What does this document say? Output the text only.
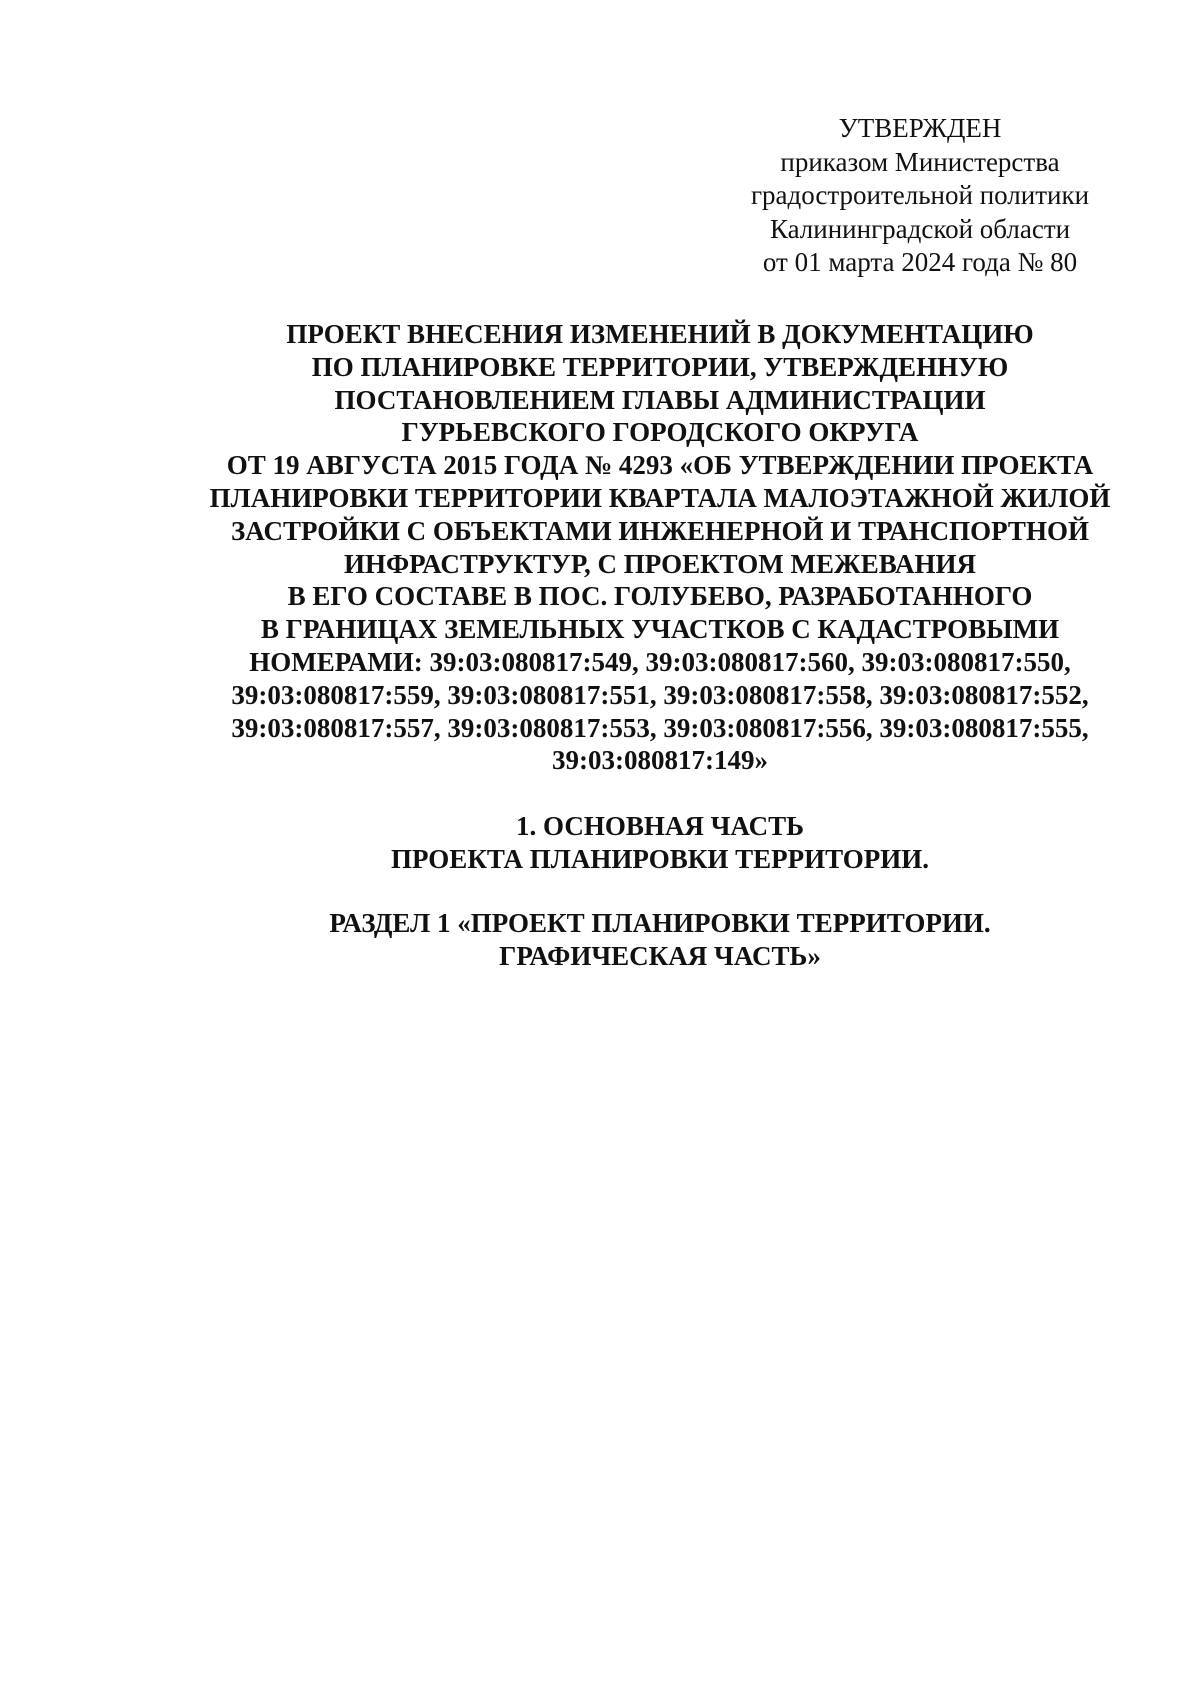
УТВЕРЖДЕН
приказом Министерства
градостроительной политики
Калининградской области
от 01 марта 2024 года № 80
ПРОЕКТ ВНЕСЕНИЯ ИЗМЕНЕНИЙ В ДОКУМЕНТАЦИЮ
ПО ПЛАНИРОВКЕ ТЕРРИТОРИИ, УТВЕРЖДЕННУЮ
ПОСТАНОВЛЕНИЕМ ГЛАВЫ АДМИНИСТРАЦИИ
ГУРЬЕВСКОГО ГОРОДСКОГО ОКРУГА
ОТ 19 АВГУСТА 2015 ГОДА № 4293 «ОБ УТВЕРЖДЕНИИ ПРОЕКТА
ПЛАНИРОВКИ ТЕРРИТОРИИ КВАРТАЛА МАЛОЭТАЖНОЙ ЖИЛОЙ
ЗАСТРОЙКИ С ОБЪЕКТАМИ ИНЖЕНЕРНОЙ И ТРАНСПОРТНОЙ
ИНФРАСТРУКТУР, С ПРОЕКТОМ МЕЖЕВАНИЯ
В ЕГО СОСТАВЕ В ПОС. ГОЛУБЕВО, РАЗРАБОТАННОГО
В ГРАНИЦАХ ЗЕМЕЛЬНЫХ УЧАСТКОВ С КАДАСТРОВЫМИ
НОМЕРАМИ: 39:03:080817:549, 39:03:080817:560, 39:03:080817:550,
39:03:080817:559, 39:03:080817:551, 39:03:080817:558, 39:03:080817:552,
39:03:080817:557, 39:03:080817:553, 39:03:080817:556, 39:03:080817:555,
39:03:080817:149»
1. ОСНОВНАЯ ЧАСТЬ
ПРОЕКТА ПЛАНИРОВКИ ТЕРРИТОРИИ.
РАЗДЕЛ 1 «ПРОЕКТ ПЛАНИРОВКИ ТЕРРИТОРИИ.
ГРАФИЧЕСКАЯ ЧАСТЬ»
